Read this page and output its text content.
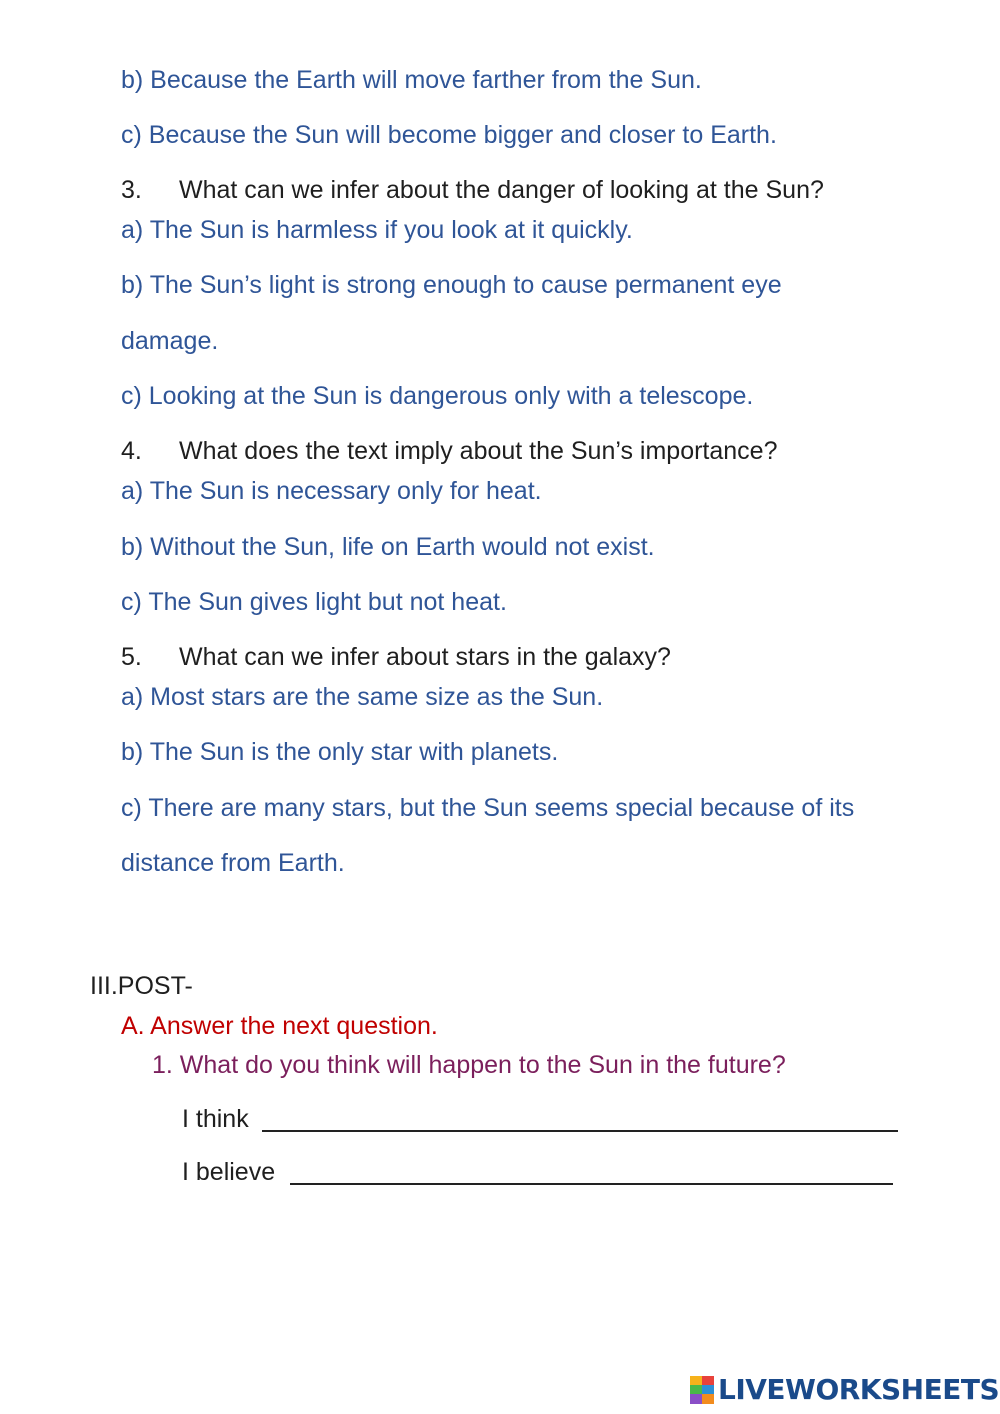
b) Because the Earth will move farther from the Sun.
c) Because the Sun will become bigger and closer to Earth.
3. What can we infer about the danger of looking at the Sun?
a) The Sun is harmless if you look at it quickly.
b) The Sun’s light is strong enough to cause permanent eye
damage.
c) Looking at the Sun is dangerous only with a telescope.
4. What does the text imply about the Sun’s importance?
a) The Sun is necessary only for heat.
b) Without the Sun, life on Earth would not exist.
c) The Sun gives light but not heat.
5. What can we infer about stars in the galaxy?
a) Most stars are the same size as the Sun.
b) The Sun is the only star with planets.
c) There are many stars, but the Sun seems special because of its
distance from Earth.
III.POST-
A. Answer the next question.
1. What do you think will happen to the Sun in the future?
I think
I believe
LIVEWORKSHEETS
